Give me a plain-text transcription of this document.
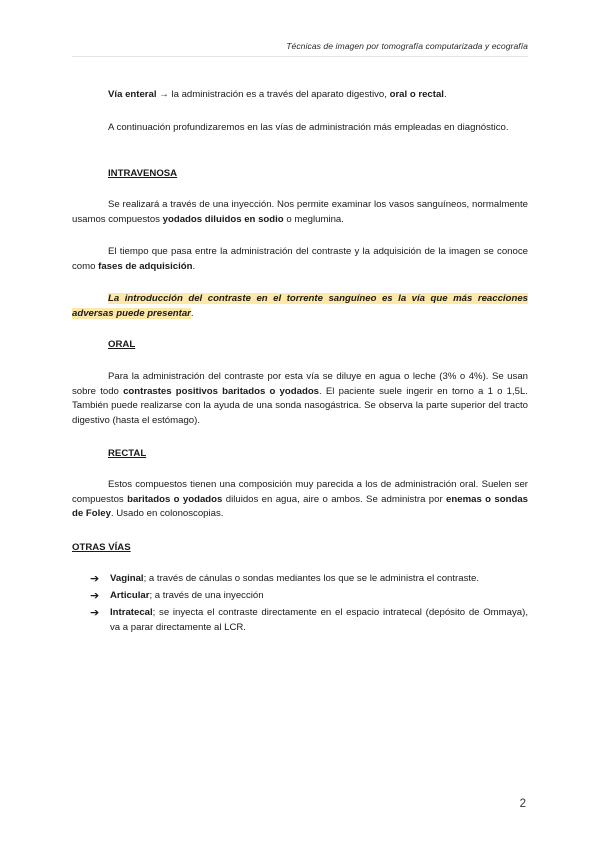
Técnicas de imagen por tomografía computarizada y ecografía
Vía enteral → la administración es a través del aparato digestivo, oral o rectal.
A continuación profundizaremos en las vías de administración más empleadas en diagnóstico.
INTRAVENOSA
Se realizará a través de una inyección. Nos permite examinar los vasos sanguíneos, normalmente usamos compuestos yodados diluidos en sodio o meglumina.
El tiempo que pasa entre la administración del contraste y la adquisición de la imagen se conoce como fases de adquisición.
La introducción del contraste en el torrente sanguíneo es la vía que más reacciones adversas puede presentar.
ORAL
Para la administración del contraste por esta vía se diluye en agua o leche (3% o 4%). Se usan sobre todo contrastes positivos baritados o yodados. El paciente suele ingerir en torno a 1 o 1,5L. También puede realizarse con la ayuda de una sonda nasogástrica. Se observa la parte superior del tracto digestivo (hasta el estómago).
RECTAL
Estos compuestos tienen una composición muy parecida a los de administración oral. Suelen ser compuestos baritados o yodados diluidos en agua, aire o ambos. Se administra por enemas o sondas de Foley. Usado en colonoscopias.
OTRAS VÍAS
➔ Vaginal; a través de cánulas o sondas mediantes los que se le administra el contraste.
➔ Articular; a través de una inyección
➔ Intratecal; se inyecta el contraste directamente en el espacio intratecal (depósito de Ommaya), va a parar directamente al LCR.
2
